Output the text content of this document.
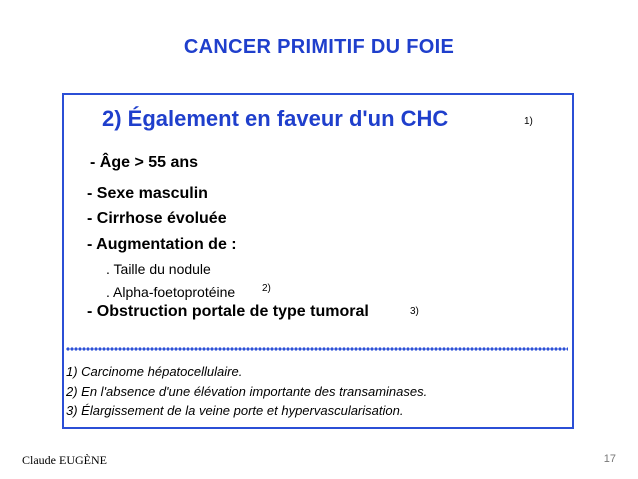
CANCER PRIMITIF DU FOIE
2) Également en faveur d'un CHC	1)
- Âge > 55 ans
- Sexe masculin
- Cirrhose évoluée
- Augmentation de :
. Taille du nodule
. Alpha-foetoprotéine	2)
- Obstruction portale de type tumoral	3)
1) Carcinome hépatocellulaire.
2) En l'absence d'une élévation importante des transaminases.
3) Élargissement de la veine porte et hypervascularisation.
Claude EUGÈNE	17
